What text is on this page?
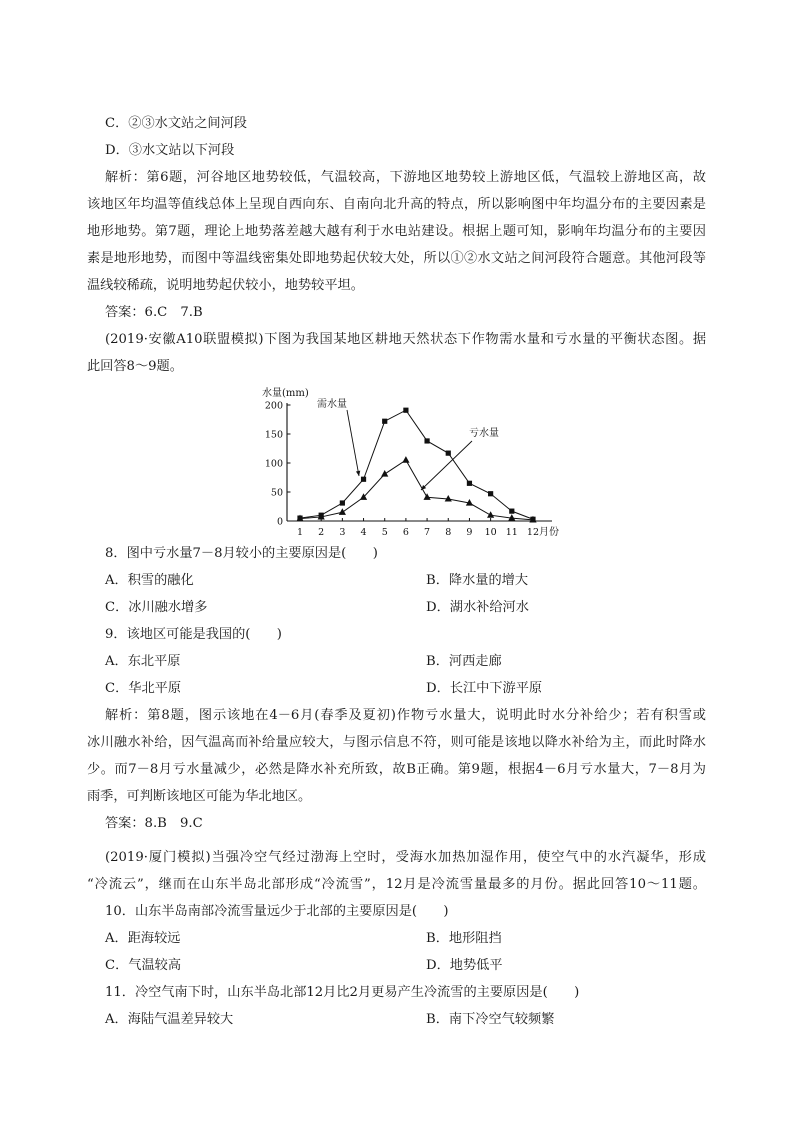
C．②③水文站之间河段
D．③水文站以下河段
解析：第6题，河谷地区地势较低，气温较高，下游地区地势较上游地区低，气温较上游地区高，故
该地区年均温等值线总体上呈现自西向东、自南向北升高的特点，所以影响图中年均温分布的主要因素是
地形地势。第7题，理论上地势落差越大越有利于水电站建设。根据上题可知，影响年均温分布的主要因
素是地形地势，而图中等温线密集处即地势起伏较大处，所以①②水文站之间河段符合题意。其他河段等
温线较稀疏，说明地势起伏较小，地势较平坦。
答案：6.C　7.B
(2019·安徽A10联盟模拟)下图为我国某地区耕地天然状态下作物需水量和亏水量的平衡状态图。据
此回答8～9题。
0
50
100
150
200
1 2 3 4 5 6 7 8 9 10 11 12 月份
水量(mm)
需水量
亏水量
8．图中亏水量7－8月较小的主要原因是(　　)
A．积雪的融化	B．降水量的增大
C．冰川融水增多	D．湖水补给河水
9．该地区可能是我国的(　　)
A．东北平原	B．河西走廊
C．华北平原	D．长江中下游平原
解析：第8题，图示该地在4－6月(春季及夏初)作物亏水量大，说明此时水分补给少；若有积雪或
冰川融水补给，因气温高而补给量应较大，与图示信息不符，则可能是该地以降水补给为主，而此时降水
少。而7－8月亏水量减少，必然是降水补充所致，故B正确。第9题，根据4－6月亏水量大，7－8月为
雨季，可判断该地区可能为华北地区。
答案：8.B　9.C
(2019·厦门模拟)当强冷空气经过渤海上空时，受海水加热加湿作用，使空气中的水汽凝华，形成
“冷流云”，继而在山东半岛北部形成“冷流雪”，12月是冷流雪量最多的月份。据此回答10～11题。
10．山东半岛南部冷流雪量远少于北部的主要原因是(　　)
A．距海较远	B．地形阻挡
C．气温较高	D．地势低平
11．冷空气南下时，山东半岛北部12月比2月更易产生冷流雪的主要原因是(　　)
A．海陆气温差异较大	B．南下冷空气较频繁
